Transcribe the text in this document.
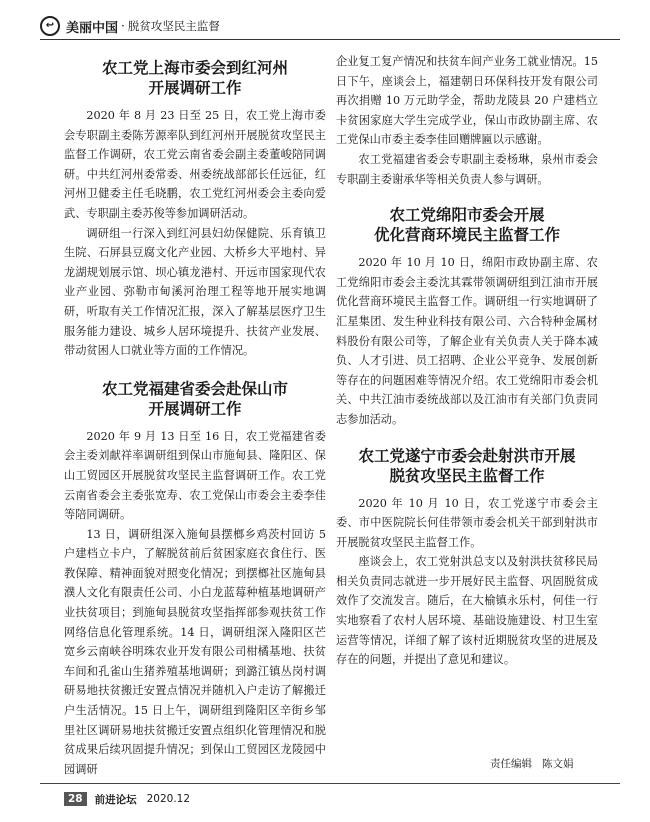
↩ 美丽中国 · 脱贫攻坚民主监督
农工党上海市委会到红河州
开展调研工作

2020 年 8 月 23 日至 25 日，农工党上海市委会专职副主委陈芳源率队到红河州开展脱贫攻坚民主监督工作调研，农工党云南省委会副主委董峻陪同调研。中共红河州委常委、州委统战部部长任远征，红河州卫健委主任毛晓鹏，农工党红河州委会主委向爱武、专职副主委苏俊等参加调研活动。

调研组一行深入到红河县妇幼保健院、乐育镇卫生院、石屏县豆腐文化产业园、大桥乡大平地村、异龙湖规划展示馆、坝心镇龙港村、开远市国家现代农业产业园、弥勒市甸溪河治理工程等地开展实地调研，听取有关工作情况汇报，深入了解基层医疗卫生服务能力建设、城乡人居环境提升、扶贫产业发展、带动贫困人口就业等方面的工作情况。

农工党福建省委会赴保山市
开展调研工作

2020 年 9 月 13 日至 16 日，农工党福建省委会主委刘献祥率调研组到保山市施甸县、隆阳区、保山工贸园区开展脱贫攻坚民主监督调研工作。农工党云南省委会主委张宽寿、农工党保山市委会主委李佳等陪同调研。

13 日，调研组深入施甸县摆榔乡鸡茨村回访 5 户建档立卡户，了解脱贫前后贫困家庭衣食住行、医教保障、精神面貌对照变化情况；到摆榔社区施甸县濮人文化有限责任公司、小白龙蓝莓种植基地调研产业扶贫项目；到施甸县脱贫攻坚指挥部参观扶贫工作网络信息化管理系统。14 日，调研组深入隆阳区芒宽乡云南峡谷明珠农业开发有限公司柑橘基地、扶贫车间和孔雀山生猪养殖基地调研；到潞江镇丛岗村调研易地扶贫搬迁安置点情况并随机入户走访了解搬迁户生活情况。15 日上午，调研组到隆阳区辛街乡邹里社区调研易地扶贫搬迁安置点组织化管理情况和脱贫成果后续巩固提升情况；到保山工贸园区龙陵园中园调研

企业复工复产情况和扶贫车间产业务工就业情况。15 日下午，座谈会上，福建朝日环保科技开发有限公司再次捐赠 10 万元助学金，帮助龙陵县 20 户建档立卡贫困家庭大学生完成学业，保山市政协副主席、农工党保山市委主委李佳回赠牌匾以示感谢。

农工党福建省委会专职副主委杨琳，泉州市委会专职副主委谢承华等相关负责人参与调研。

农工党绵阳市委会开展
优化营商环境民主监督工作

2020 年 10 月 10 日，绵阳市政协副主席、农工党绵阳市委会主委沈其霖带领调研组到江油市开展优化营商环境民主监督工作。调研组一行实地调研了汇星集团、发生种业科技有限公司、六合特种金属材料股份有限公司等，了解企业有关负责人关于降本减负、人才引进、员工招聘、企业公平竞争、发展创新等存在的问题困难等情况介绍。农工党绵阳市委会机关、中共江油市委统战部以及江油市有关部门负责同志参加活动。

农工党遂宁市委会赴射洪市开展
脱贫攻坚民主监督工作

2020 年 10 月 10 日，农工党遂宁市委会主委、市中医院院长何佳带领市委会机关干部到射洪市开展脱贫攻坚民主监督工作。

座谈会上，农工党射洪总支以及射洪扶贫移民局相关负责同志就进一步开展好民主监督、巩固脱贫成效作了交流发言。随后，在大榆镇永乐村，何佳一行实地察看了农村人居环境、基础设施建设、村卫生室运营等情况，详细了解了该村近期脱贫攻坚的进展及存在的问题，并提出了意见和建议。

责任编辑 陈文娟
28	前进论坛 2020.12
